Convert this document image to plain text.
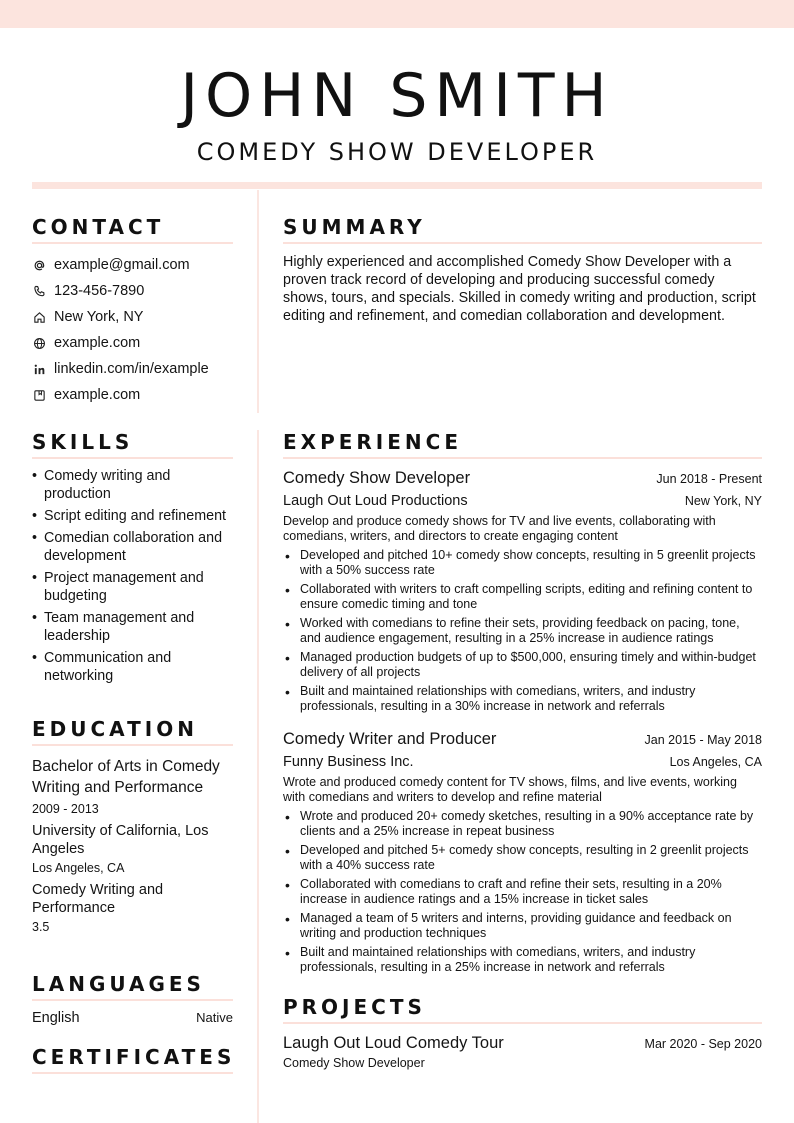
JOHN SMITH
COMEDY SHOW DEVELOPER
CONTACT
example@gmail.com
123-456-7890
New York, NY
example.com
linkedin.com/in/example
example.com
SUMMARY

Highly experienced and accomplished Comedy Show Developer with a proven track record of developing and producing successful comedy shows, tours, and specials. Skilled in comedy writing and production, script editing and refinement, and comedian collaboration and development.

SKILLS
• Comedy writing and production
• Script editing and refinement
• Comedian collaboration and development
• Project management and budgeting
• Team management and leadership
• Communication and networking
EDUCATION
Bachelor of Arts in Comedy Writing and Performance
2009 - 2013
University of California, Los Angeles
Los Angeles, CA
Comedy Writing and Performance
3.5
LANGUAGES
English	Native
CERTIFICATES
EXPERIENCE
Comedy Show Developer	Jun 2018 - Present
Laugh Out Loud Productions	New York, NY
Develop and produce comedy shows for TV and live events, collaborating with comedians, writers, and directors to create engaging content
• Developed and pitched 10+ comedy show concepts, resulting in 5 greenlit projects with a 50% success rate
• Collaborated with writers to craft compelling scripts, editing and refining content to ensure comedic timing and tone
• Worked with comedians to refine their sets, providing feedback on pacing, tone, and audience engagement, resulting in a 25% increase in audience ratings
• Managed production budgets of up to $500,000, ensuring timely and within-budget delivery of all projects
• Built and maintained relationships with comedians, writers, and industry professionals, resulting in a 30% increase in network and referrals
Comedy Writer and Producer	Jan 2015 - May 2018
Funny Business Inc.	Los Angeles, CA
Wrote and produced comedy content for TV shows, films, and live events, working with comedians and writers to develop and refine material
• Wrote and produced 20+ comedy sketches, resulting in a 90% acceptance rate by clients and a 25% increase in repeat business
• Developed and pitched 5+ comedy show concepts, resulting in 2 greenlit projects with a 40% success rate
• Collaborated with comedians to craft and refine their sets, resulting in a 20% increase in audience ratings and a 15% increase in ticket sales
• Managed a team of 5 writers and interns, providing guidance and feedback on writing and production techniques
• Built and maintained relationships with comedians, writers, and industry professionals, resulting in a 25% increase in network and referrals
PROJECTS
Laugh Out Loud Comedy Tour	Mar 2020 - Sep 2020
Comedy Show Developer
